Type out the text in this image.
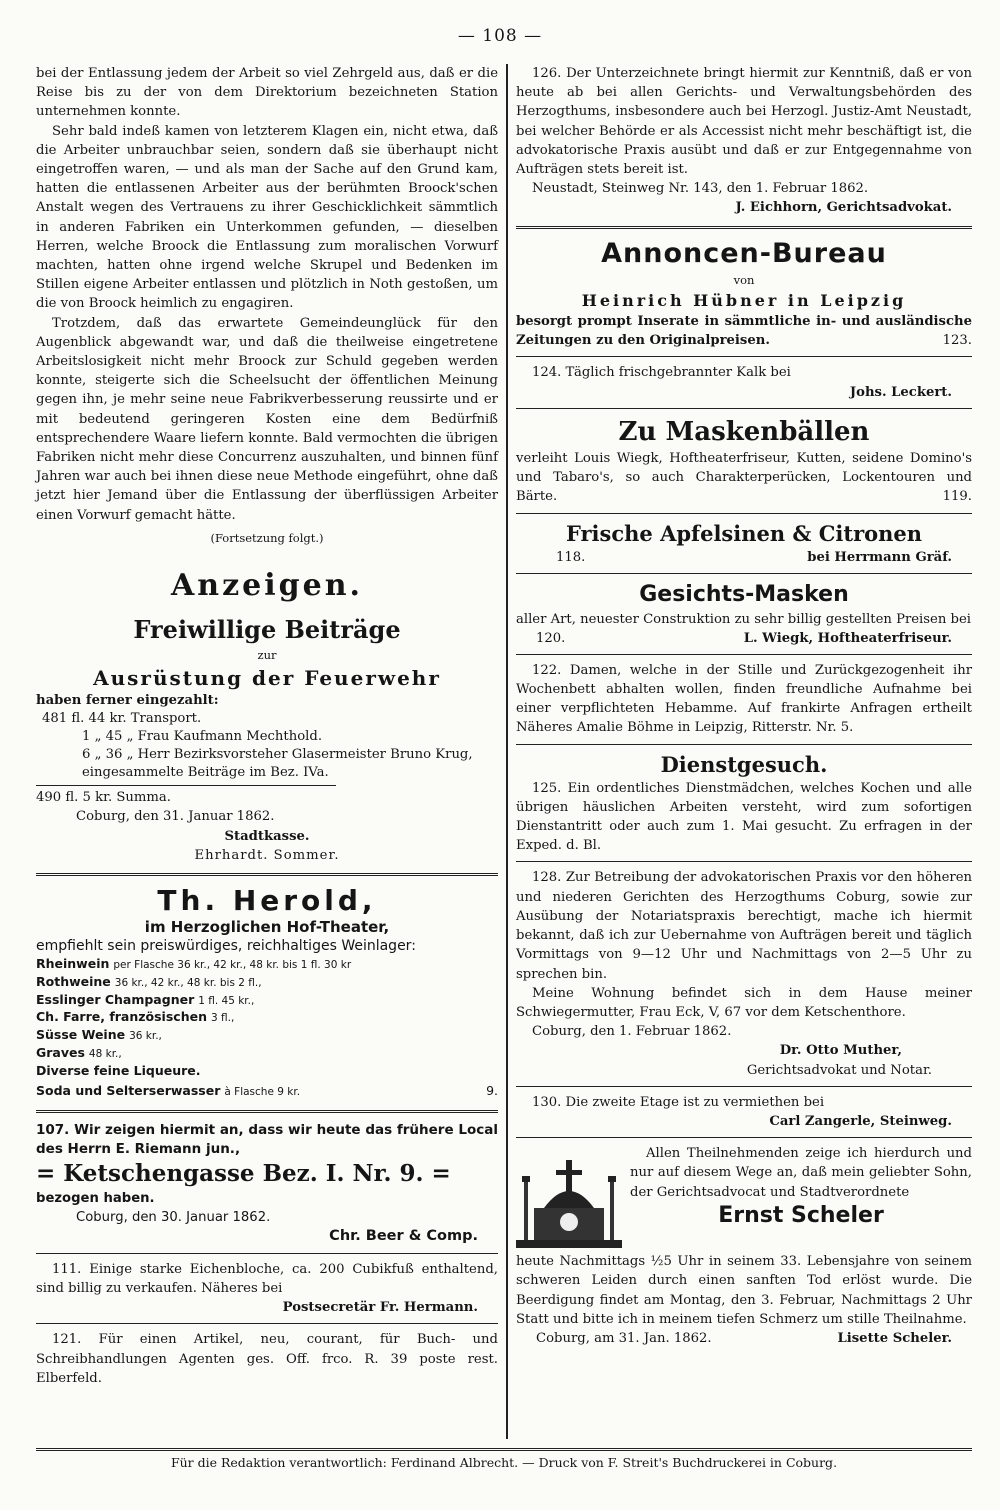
— 108 —

bei der Entlassung jedem der Arbeit so viel Zehrgeld aus, daß er die Reise bis zu der von dem Direktorium bezeichneten Station unternehmen konnte.

Sehr bald indeß kamen von letzterem Klagen ein, nicht etwa, daß die Arbeiter unbrauchbar seien, sondern daß sie überhaupt nicht eingetroffen waren, — und als man der Sache auf den Grund kam, hatten die entlassenen Arbeiter aus der berühmten Broock'schen Anstalt wegen des Vertrauens zu ihrer Geschicklichkeit sämmtlich in anderen Fabriken ein Unterkommen gefunden, — dieselben Herren, welche Broock die Entlassung zum moralischen Vorwurf machten, hatten ohne irgend welche Skrupel und Bedenken im Stillen eigene Arbeiter entlassen und plötzlich in Noth gestoßen, um die von Broock heimlich zu engagiren.

Trotzdem, daß das erwartete Gemeindeunglück für den Augenblick abgewandt war, und daß die theilweise eingetretene Arbeitslosigkeit nicht mehr Broock zur Schuld gegeben werden konnte, steigerte sich die Scheelsucht der öffentlichen Meinung gegen ihn, je mehr seine neue Fabrikverbesserung reussirte und er mit bedeutend geringeren Kosten eine dem Bedürfniß entsprechendere Waare liefern konnte. Bald vermochten die übrigen Fabriken nicht mehr diese Concurrenz auszuhalten, und binnen fünf Jahren war auch bei ihnen diese neue Methode eingeführt, ohne daß jetzt hier Jemand über die Entlassung der überflüssigen Arbeiter einen Vorwurf gemacht hätte.

(Fortsetzung folgt.)

Anzeigen.
Freiwillige Beiträge

zur

Ausrüstung der Feuerwehr

haben ferner eingezahlt:

481 fl. 44 kr. Transport.
1 „ 45 „ Frau Kaufmann Mechthold.
6 „ 36 „ Herr Bezirksvorsteher Glasermeister Bruno Krug, eingesammelte Beiträge im Bez. IVa.
490 fl. 5 kr. Summa.

Coburg, den 31. Januar 1862.

Stadtkasse.

Ehrhardt. Sommer.

Th. Herold,
im Herzoglichen Hof-Theater,
empfiehlt sein preiswürdiges, reichhaltiges Weinlager:
Rheinwein per Flasche 36 kr., 42 kr., 48 kr. bis 1 fl. 30 kr
Rothweine 36 kr., 42 kr., 48 kr. bis 2 fl.,
Esslinger Champagner 1 fl. 45 kr.,
Ch. Farre, französischen 3 fl.,
Süsse Weine 36 kr.,
Graves 48 kr.,
Diverse feine Liqueure.
Soda und Selterserwasser à Flasche 9 kr.	9.

107. Wir zeigen hiermit an, dass wir heute das frühere Local des Herrn E. Riemann jun.,

= Ketschengasse Bez. I. Nr. 9. =

bezogen haben.

Coburg, den 30. Januar 1862.

Chr. Beer & Comp.

111. Einige starke Eichenbloche, ca. 200 Cubikfuß enthaltend, sind billig zu verkaufen. Näheres bei

Postsecretär Fr. Hermann.

121. Für einen Artikel, neu, courant, für Buch- und Schreibhandlungen Agenten ges. Off. frco. R. 39 poste rest. Elberfeld.

126. Der Unterzeichnete bringt hiermit zur Kenntniß, daß er von heute ab bei allen Gerichts- und Verwaltungsbehörden des Herzogthums, insbesondere auch bei Herzogl. Justiz-Amt Neustadt, bei welcher Behörde er als Accessist nicht mehr beschäftigt ist, die advokatorische Praxis ausübt und daß er zur Entgegennahme von Aufträgen stets bereit ist.

Neustadt, Steinweg Nr. 143, den 1. Februar 1862.

J. Eichhorn, Gerichtsadvokat.

Annoncen-Bureau

von

Heinrich Hübner in Leipzig

besorgt prompt Inserate in sämmtliche in- und ausländische Zeitungen zu den Originalpreisen.	123.

124. Täglich frischgebrannter Kalk bei

Johs. Leckert.

Zu Maskenbällen

verleiht Louis Wiegk, Hoftheaterfriseur, Kutten, seidene Domino's und Tabaro's, so auch Charakterperücken, Lockentouren und Bärte.	119.

Frische Apfelsinen & Citronen
118.	bei Herrmann Gräf.
Gesichts-Masken

aller Art, neuester Construktion zu sehr billig gestellten Preisen bei

120.	L. Wiegk, Hoftheaterfriseur.

122. Damen, welche in der Stille und Zurückgezogenheit ihr Wochenbett abhalten wollen, finden freundliche Aufnahme bei einer verpflichteten Hebamme. Auf frankirte Anfragen ertheilt Näheres Amalie Böhme in Leipzig, Ritterstr. Nr. 5.

Dienstgesuch.

125. Ein ordentliches Dienstmädchen, welches Kochen und alle übrigen häuslichen Arbeiten versteht, wird zum sofortigen Dienstantritt oder auch zum 1. Mai gesucht. Zu erfragen in der Exped. d. Bl.

128. Zur Betreibung der advokatorischen Praxis vor den höheren und niederen Gerichten des Herzogthums Coburg, sowie zur Ausübung der Notariatspraxis berechtigt, mache ich hiermit bekannt, daß ich zur Uebernahme von Aufträgen bereit und täglich Vormittags von 9—12 Uhr und Nachmittags von 2—5 Uhr zu sprechen bin.

Meine Wohnung befindet sich in dem Hause meiner Schwiegermutter, Frau Eck, V, 67 vor dem Ketschenthore.

Coburg, den 1. Februar 1862.

Dr. Otto Muther,

Gerichtsadvokat und Notar.

130. Die zweite Etage ist zu vermiethen bei

Carl Zangerle, Steinweg.

Allen Theilnehmenden zeige ich hierdurch und nur auf diesem Wege an, daß mein geliebter Sohn, der Gerichtsadvocat und Stadtverordnete

Ernst Scheler

heute Nachmittags ½5 Uhr in seinem 33. Lebensjahre von seinem schweren Leiden durch einen sanften Tod erlöst wurde. Die Beerdigung findet am Montag, den 3. Februar, Nachmittags 2 Uhr Statt und bitte ich in meinem tiefen Schmerz um stille Theilnahme.

Coburg, am 31. Jan. 1862.	Lisette Scheler.
Für die Redaktion verantwortlich: Ferdinand Albrecht. — Druck von F. Streit's Buchdruckerei in Coburg.
